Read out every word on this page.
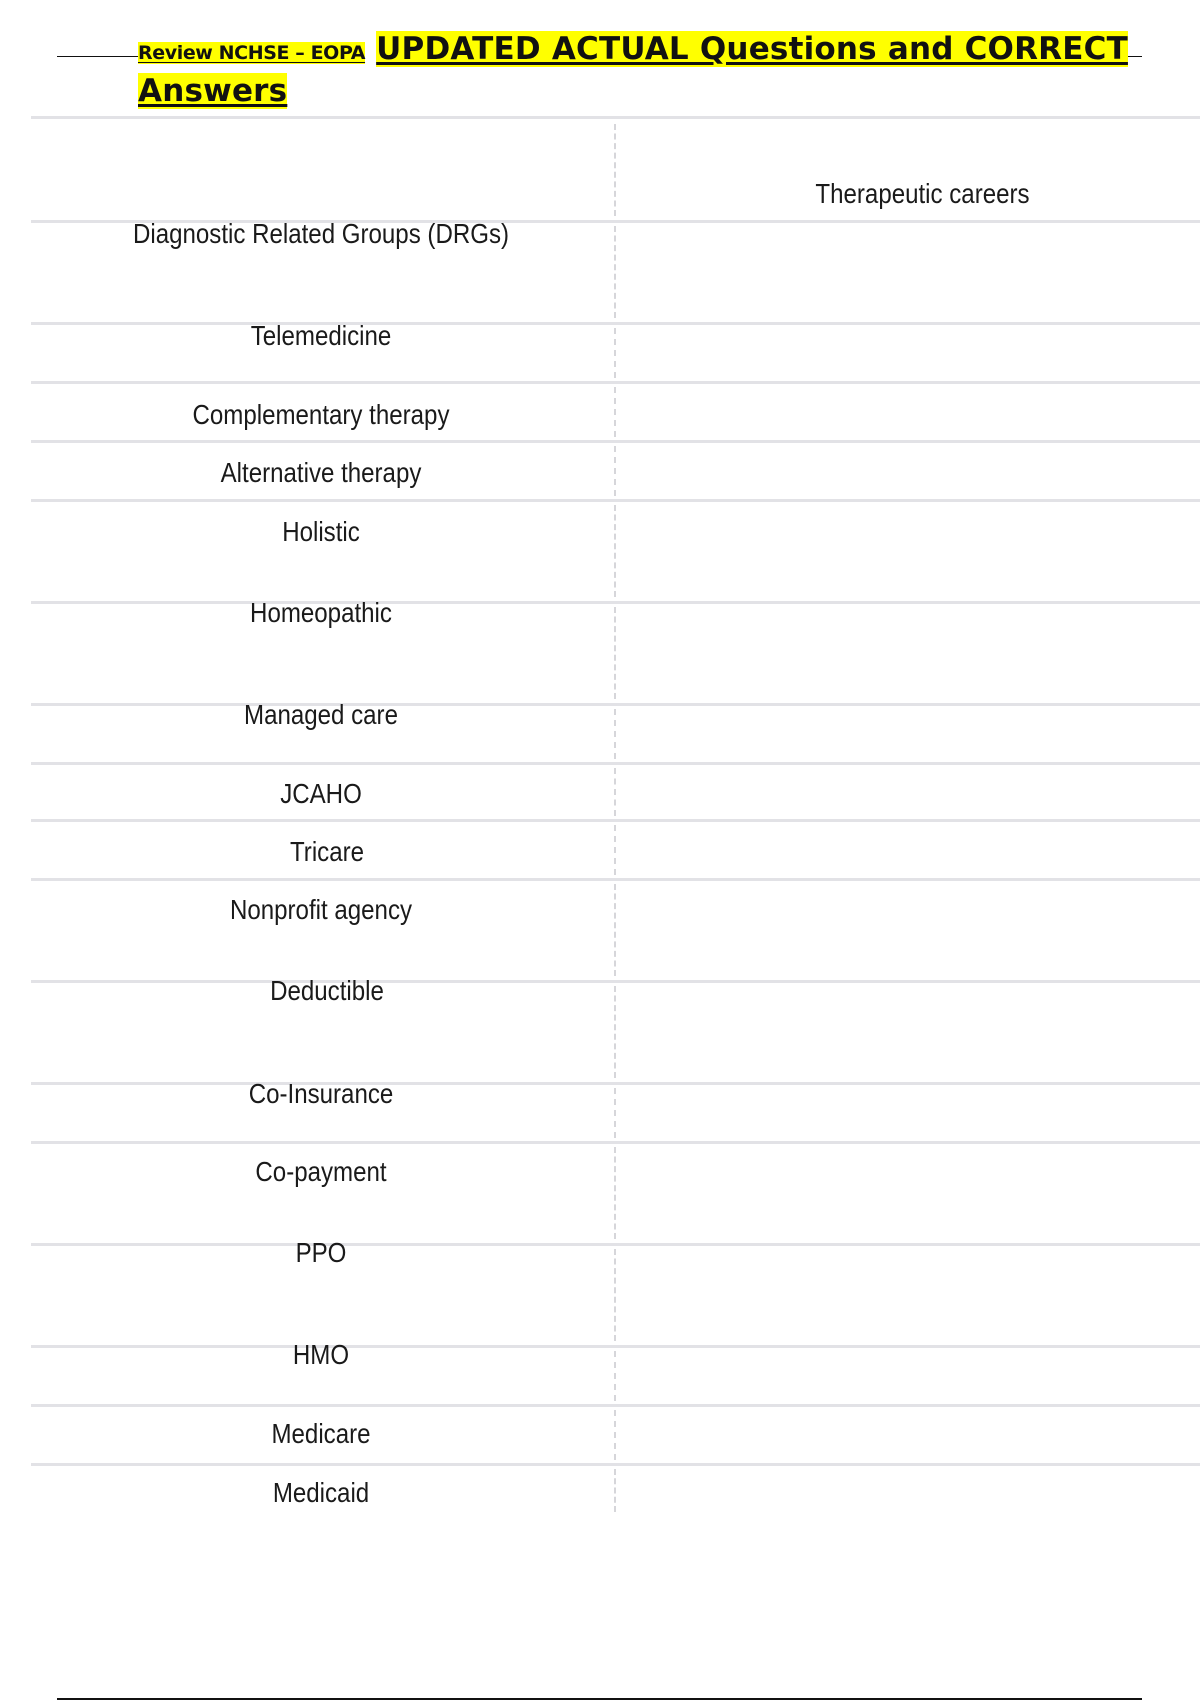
Review NCHSE – EOPA UPDATED ACTUAL Questions and CORRECT
Answers
Therapeutic careers
Diagnostic Related Groups (DRGs)
Telemedicine
Complementary therapy
Alternative therapy
Holistic
Homeopathic
Managed care
JCAHO
Tricare
Nonprofit agency
Deductible
Co-Insurance
Co-payment
PPO
HMO
Medicare
Medicaid
